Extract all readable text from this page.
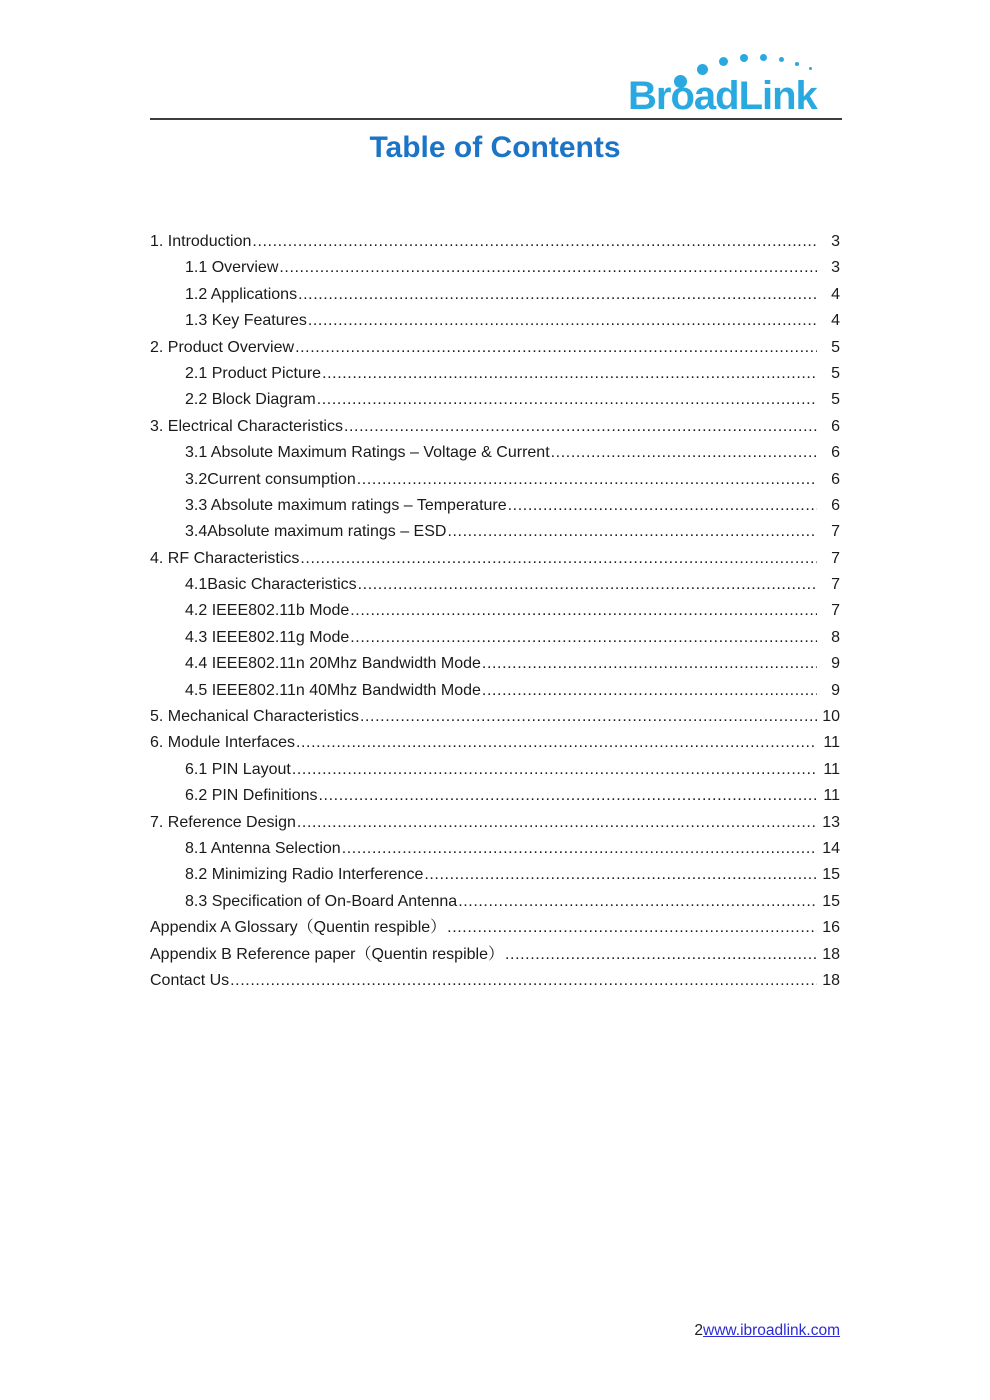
BroadLink
Table of Contents
1. Introduction .....	3
1.1 Overview .....	3
1.2 Applications .....	4
1.3 Key Features .....	4
2. Product Overview .....	5
2.1 Product Picture .....	5
2.2 Block Diagram .....	5
3. Electrical Characteristics .....	6
3.1 Absolute Maximum Ratings – Voltage & Current .....	6
3.2Current consumption .....	6
3.3 Absolute maximum ratings – Temperature .....	6
3.4Absolute maximum ratings – ESD .....	7
4. RF Characteristics .....	7
4.1Basic Characteristics .....	7
4.2 IEEE802.11b Mode .....	7
4.3 IEEE802.11g Mode .....	8
4.4 IEEE802.11n 20Mhz Bandwidth Mode .....	9
4.5 IEEE802.11n 40Mhz Bandwidth Mode .....	9
5. Mechanical Characteristics .....	10
6. Module Interfaces .....	11
6.1 PIN Layout .....	11
6.2 PIN Definitions .....	11
7. Reference Design .....	13
8.1 Antenna Selection .....	14
8.2 Minimizing Radio Interference .....	15
8.3 Specification of On-Board Antenna .....	15
Appendix A Glossary（Quentin respible） .....	16
Appendix B Reference paper（Quentin respible） .....	18
Contact Us .....	18
2www.ibroadlink.com
